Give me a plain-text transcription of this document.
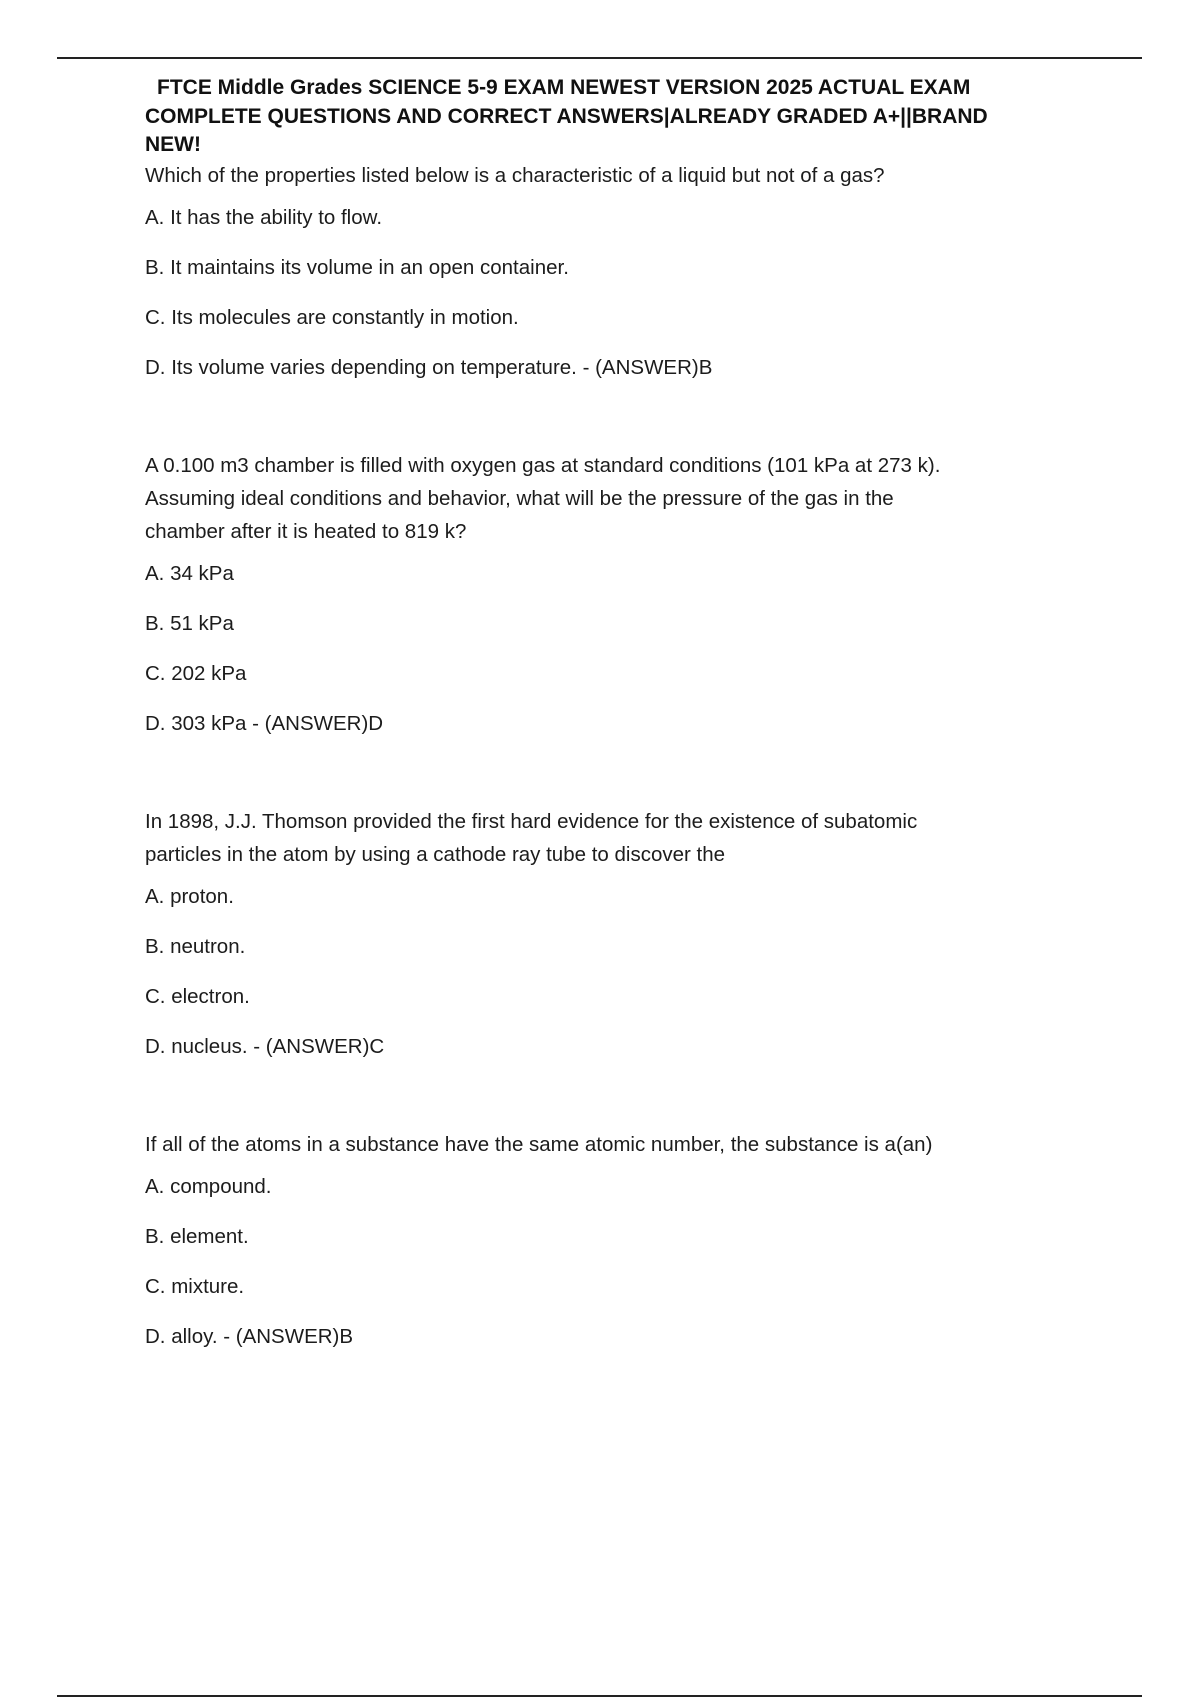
FTCE Middle Grades SCIENCE 5-9 EXAM NEWEST VERSION 2025 ACTUAL EXAM
COMPLETE QUESTIONS AND CORRECT ANSWERS|ALREADY GRADED A+||BRAND
NEW!
Which of the properties listed below is a characteristic of a liquid but not of a gas?
A. It has the ability to flow.
B. It maintains its volume in an open container.
C. Its molecules are constantly in motion.
D. Its volume varies depending on temperature. - (ANSWER)B
A 0.100 m3 chamber is filled with oxygen gas at standard conditions (101 kPa at 273 k).
Assuming ideal conditions and behavior, what will be the pressure of the gas in the
chamber after it is heated to 819 k?
A. 34 kPa
B. 51 kPa
C. 202 kPa
D. 303 kPa - (ANSWER)D
In 1898, J.J. Thomson provided the first hard evidence for the existence of subatomic
particles in the atom by using a cathode ray tube to discover the
A. proton.
B. neutron.
C. electron.
D. nucleus. - (ANSWER)C
If all of the atoms in a substance have the same atomic number, the substance is a(an)
A. compound.
B. element.
C. mixture.
D. alloy. - (ANSWER)B
